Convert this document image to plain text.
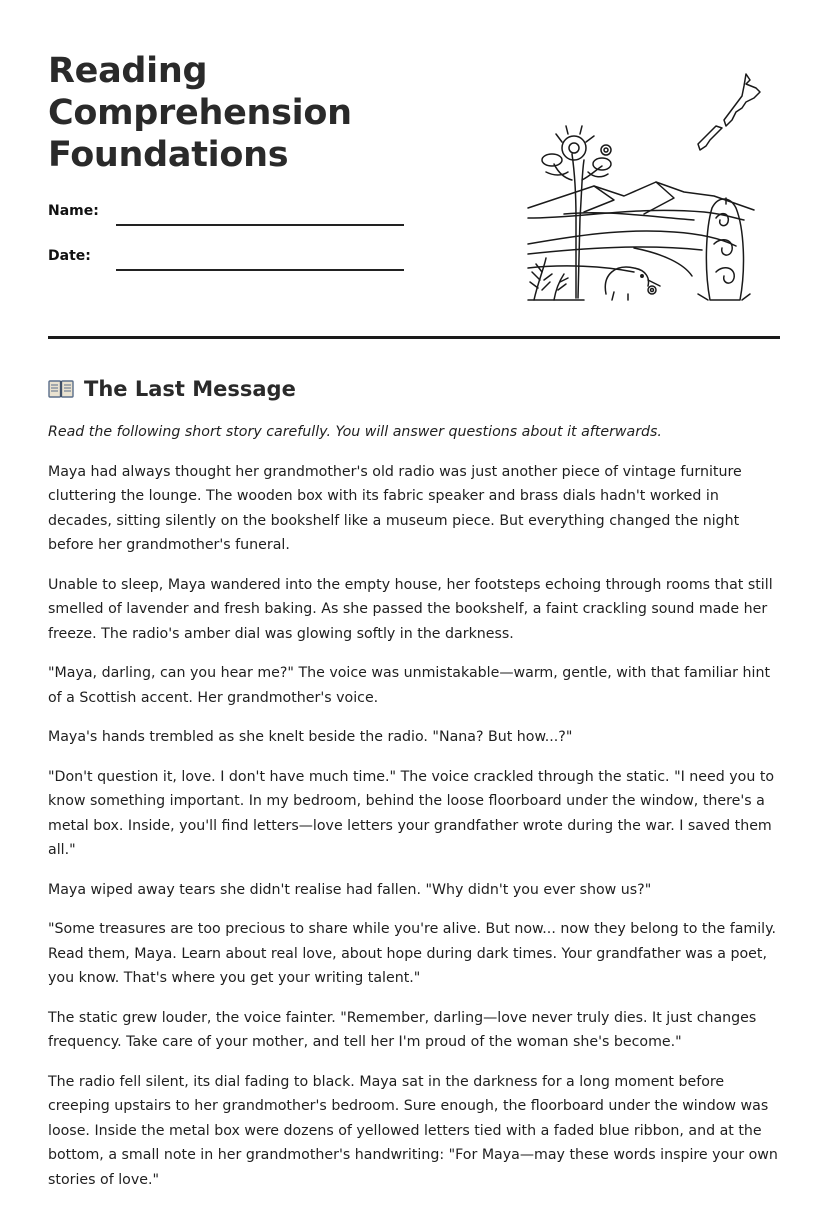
Reading Comprehension Foundations
Name:
Date:
The Last Message

Read the following short story carefully. You will answer questions about it afterwards.

Maya had always thought her grandmother's old radio was just another piece of vintage furniture cluttering the lounge. The wooden box with its fabric speaker and brass dials hadn't worked in decades, sitting silently on the bookshelf like a museum piece. But everything changed the night before her grandmother's funeral.

Unable to sleep, Maya wandered into the empty house, her footsteps echoing through rooms that still smelled of lavender and fresh baking. As she passed the bookshelf, a faint crackling sound made her freeze. The radio's amber dial was glowing softly in the darkness.

"Maya, darling, can you hear me?" The voice was unmistakable—warm, gentle, with that familiar hint of a Scottish accent. Her grandmother's voice.

Maya's hands trembled as she knelt beside the radio. "Nana? But how...?"

"Don't question it, love. I don't have much time." The voice crackled through the static. "I need you to know something important. In my bedroom, behind the loose floorboard under the window, there's a metal box. Inside, you'll find letters—love letters your grandfather wrote during the war. I saved them all."

Maya wiped away tears she didn't realise had fallen. "Why didn't you ever show us?"

"Some treasures are too precious to share while you're alive. But now... now they belong to the family. Read them, Maya. Learn about real love, about hope during dark times. Your grandfather was a poet, you know. That's where you get your writing talent."

The static grew louder, the voice fainter. "Remember, darling—love never truly dies. It just changes frequency. Take care of your mother, and tell her I'm proud of the woman she's become."

The radio fell silent, its dial fading to black. Maya sat in the darkness for a long moment before creeping upstairs to her grandmother's bedroom. Sure enough, the floorboard under the window was loose. Inside the metal box were dozens of yellowed letters tied with a faded blue ribbon, and at the bottom, a small note in her grandmother's handwriting: "For Maya—may these words inspire your own stories of love."
